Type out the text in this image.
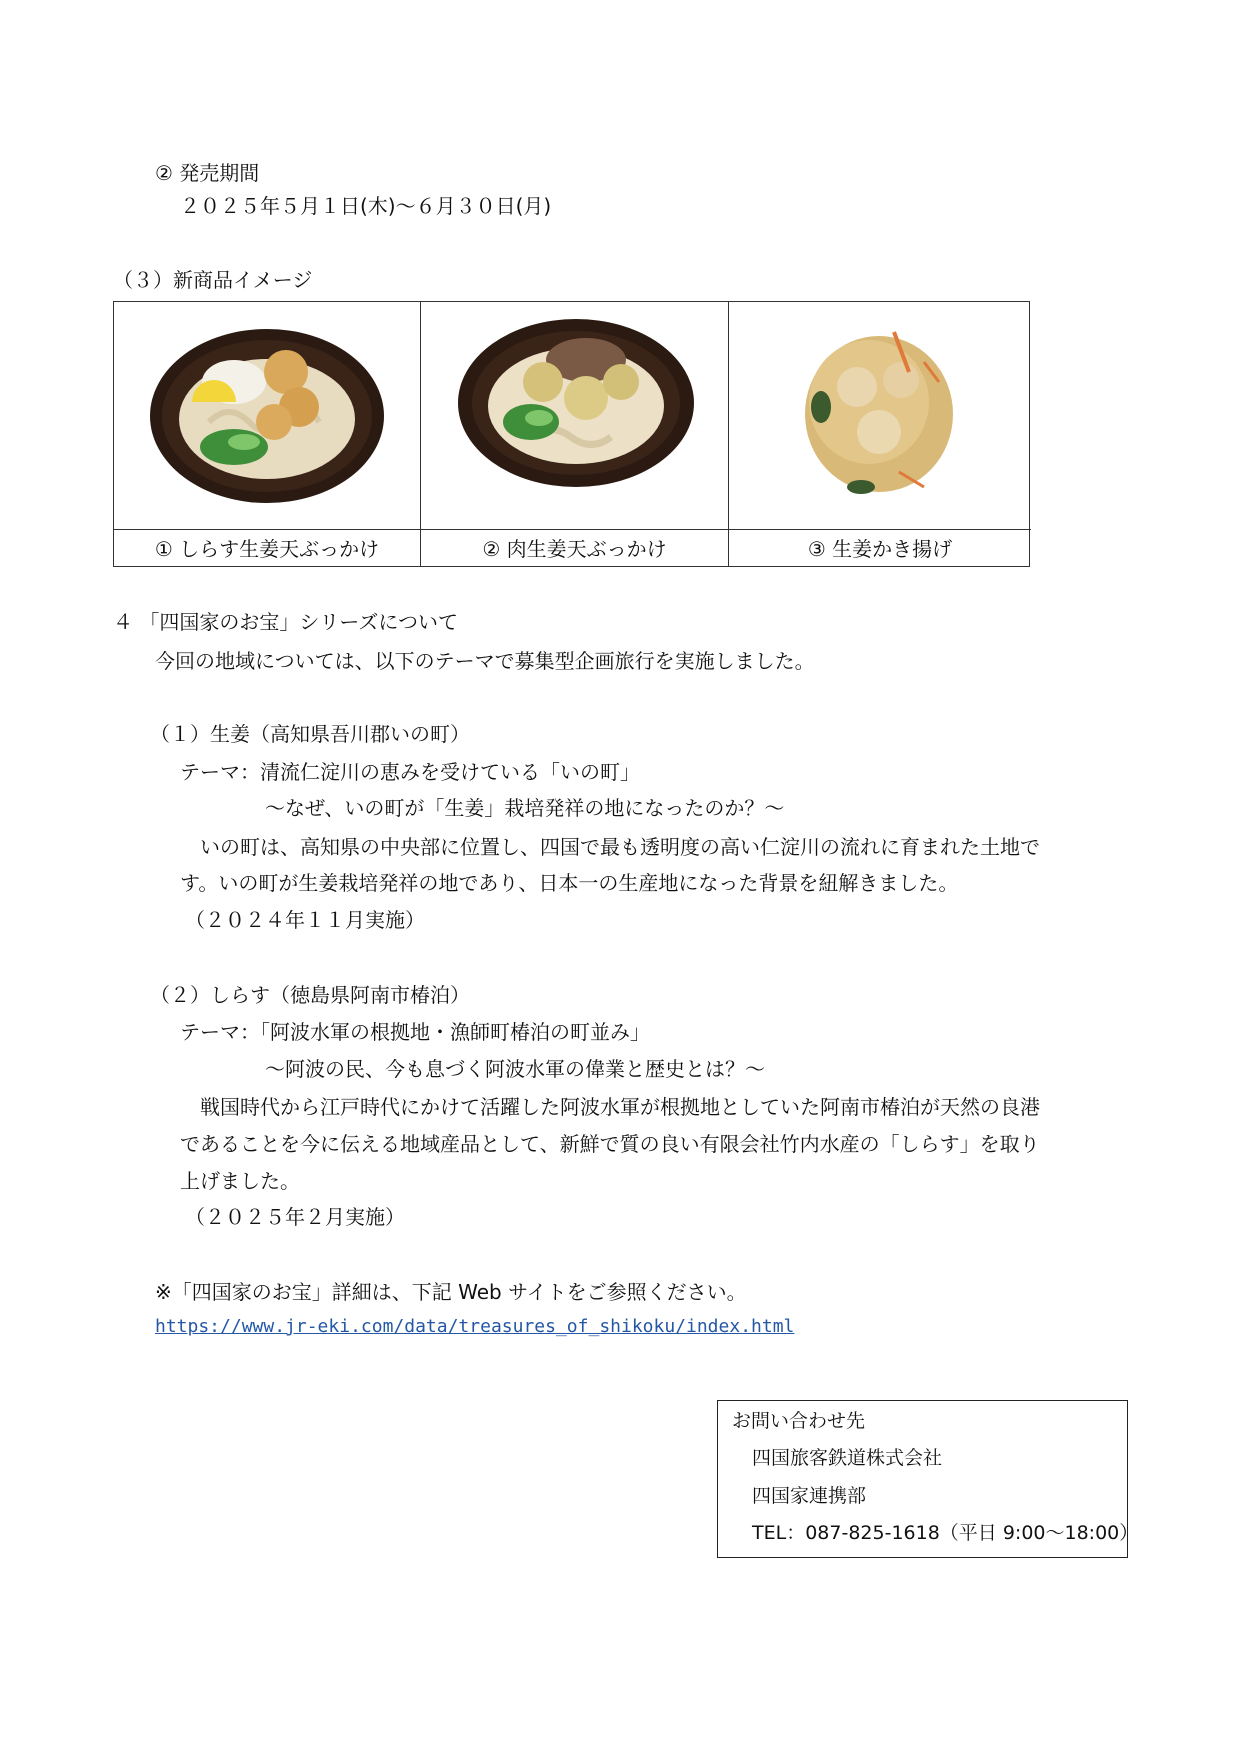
② 発売期間
２０２５年５月１日(木)～６月３０日(月)
（３）新商品イメージ
① しらす生姜天ぶっかけ	② 肉生姜天ぶっかけ	③ 生姜かき揚げ
４ 「四国家のお宝」シリーズについて
今回の地域については、以下のテーマで募集型企画旅行を実施しました。
（１）生姜（高知県吾川郡いの町）
テーマ：清流仁淀川の恵みを受けている「いの町」
～なぜ、いの町が「生姜」栽培発祥の地になったのか？～
いの町は、高知県の中央部に位置し、四国で最も透明度の高い仁淀川の流れに育まれた土地で
す。いの町が生姜栽培発祥の地であり、日本一の生産地になった背景を紐解きました。
（２０２４年１１月実施）
（２）しらす（徳島県阿南市椿泊）
テーマ：「阿波水軍の根拠地・漁師町椿泊の町並み」
～阿波の民、今も息づく阿波水軍の偉業と歴史とは？～
戦国時代から江戸時代にかけて活躍した阿波水軍が根拠地としていた阿南市椿泊が天然の良港
であることを今に伝える地域産品として、新鮮で質の良い有限会社竹内水産の「しらす」を取り
上げました。
（２０２５年２月実施）
※「四国家のお宝」詳細は、下記 Web サイトをご参照ください。
https://www.jr-eki.com/data/treasures_of_shikoku/index.html
お問い合わせ先
四国旅客鉄道株式会社
四国家連携部
TEL：087-825-1618（平日 9:00～18:00）
